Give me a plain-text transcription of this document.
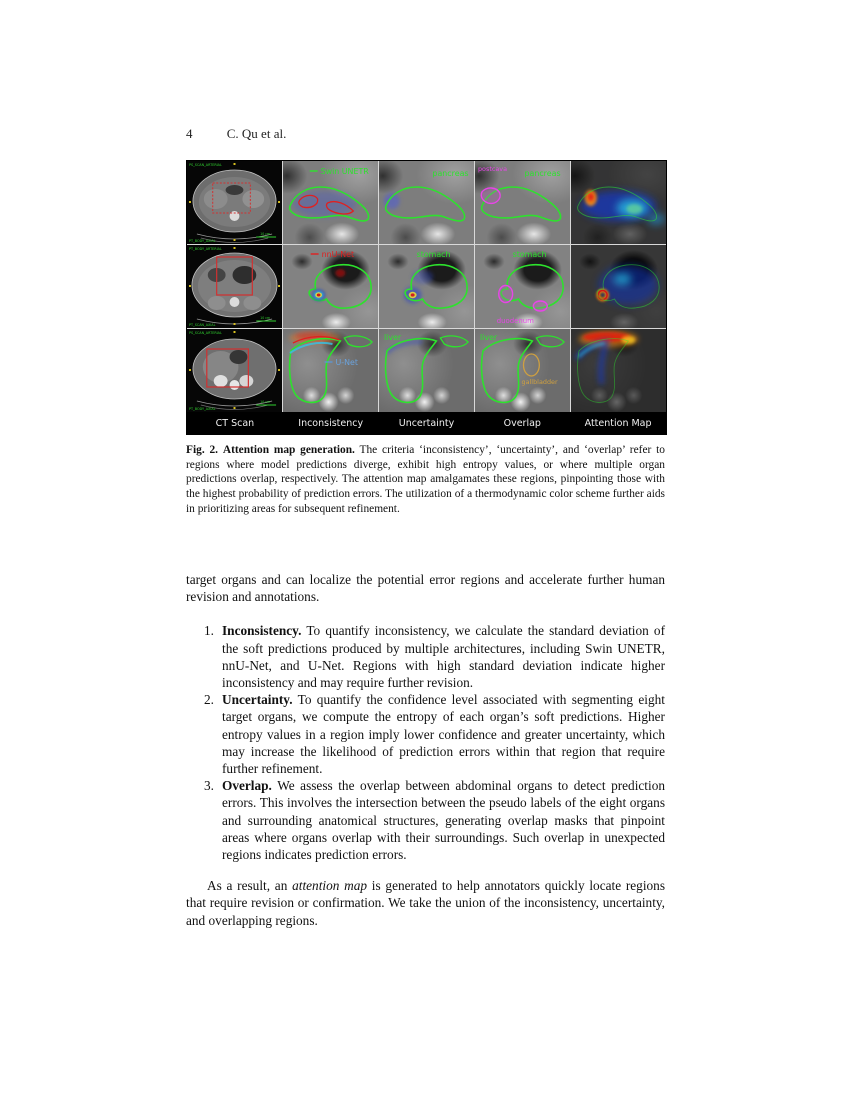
4	C. Qu et al.
PS_SCAN_ARTERIAL
PT_BODY_AXIAL
10 cm
Swin UNETR	pancreas postcava pancreas
PT_BODY_ARTERIAL
PT_SCAN_AXIAL
10 cm
nnU-Net	stomach	stomach
duodenum
PS_SCAN_ARTERIAL
PT_BODY_AXIAL
10 cm
U-Net
liver
gallbladder
liver
CT Scan	Inconsistency	Uncertainty	Overlap	Attention Map
Fig. 2. Attention map generation. The criteria ‘inconsistency’, ‘uncertainty’, and ‘overlap’ refer to regions where model predictions diverge, exhibit high entropy values, or where multiple organ predictions overlap, respectively. The attention map amalgamates these regions, pinpointing those with the highest probability of prediction errors. The utilization of a thermodynamic color scheme further aids in prioritizing areas for subsequent refinement.

target organs and can localize the potential error regions and accelerate further human revision and annotations.

1. Inconsistency. To quantify inconsistency, we calculate the standard deviation of the soft predictions produced by multiple architectures, including Swin UNETR, nnU-Net, and U-Net. Regions with high standard deviation indicate higher inconsistency and may require further revision.
2. Uncertainty. To quantify the confidence level associated with segmenting eight target organs, we compute the entropy of each organ’s soft predictions. Higher entropy values in a region imply lower confidence and greater uncertainty, which may increase the likelihood of prediction errors within that region that require further refinement.
3. Overlap. We assess the overlap between abdominal organs to detect prediction errors. This involves the intersection between the pseudo labels of the eight organs and surrounding anatomical structures, generating overlap masks that pinpoint areas where organs overlap with their surroundings. Such overlap in unexpected regions indicates prediction errors.

As a result, an attention map is generated to help annotators quickly locate regions that require revision or confirmation. We take the union of the inconsistency, uncertainty, and overlapping regions.
